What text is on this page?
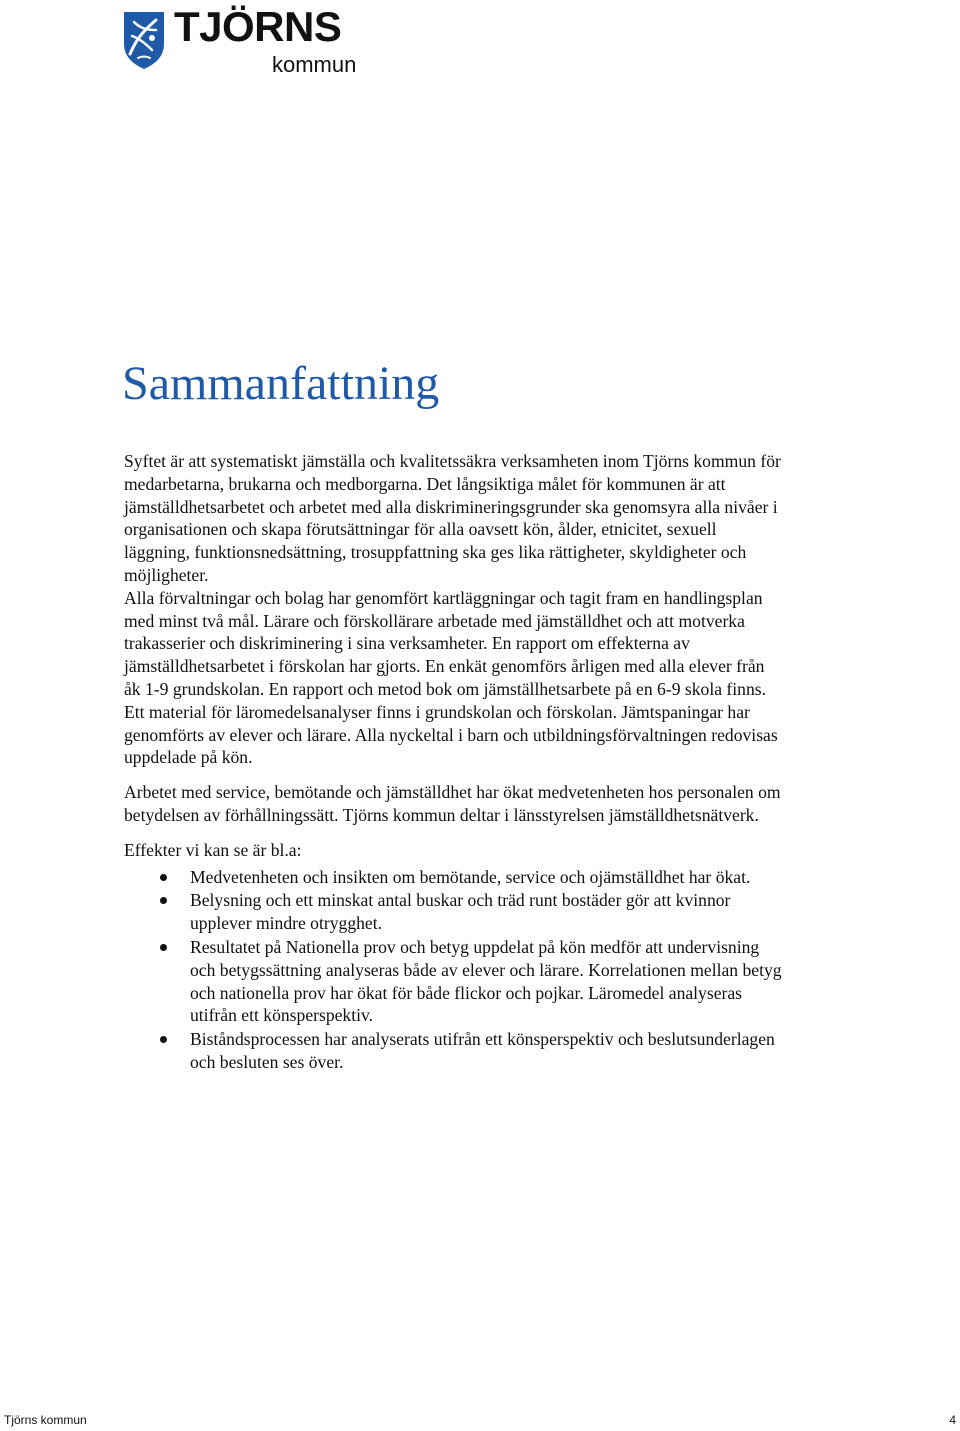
TJÖRNS
kommun
Sammanfattning

Syftet är att systematiskt jämställa och kvalitetssäkra verksamheten inom Tjörns kommun för medarbetarna, brukarna och medborgarna. Det långsiktiga målet för kommunen är att jämställdhetsarbetet och arbetet med alla diskrimineringsgrunder ska genomsyra alla nivåer i organisationen och skapa förutsättningar för alla oavsett kön, ålder, etnicitet, sexuell läggning, funktionsnedsättning, trosuppfattning ska ges lika rättigheter, skyldigheter och möjligheter.

Alla förvaltningar och bolag har genomfört kartläggningar och tagit fram en handlingsplan med minst två mål. Lärare och förskollärare arbetade med jämställdhet och att motverka trakasserier och diskriminering i sina verksamheter. En rapport om effekterna av jämställdhetsarbetet i förskolan har gjorts. En enkät genomförs årligen med alla elever från åk 1-9 grundskolan. En rapport och metod bok om jämställhetsarbete på en 6-9 skola finns. Ett material för läromedelsanalyser finns i grundskolan och förskolan. Jämtspaningar har genomförts av elever och lärare. Alla nyckeltal i barn och utbildningsförvaltningen redovisas uppdelade på kön.

Arbetet med service, bemötande och jämställdhet har ökat medvetenheten hos personalen om betydelsen av förhållningssätt. Tjörns kommun deltar i länsstyrelsen jämställdhetsnätverk.

Effekter vi kan se är bl.a:

Medvetenheten och insikten om bemötande, service och ojämställdhet har ökat.
Belysning och ett minskat antal buskar och träd runt bostäder gör att kvinnor upplever mindre otrygghet.
Resultatet på Nationella prov och betyg uppdelat på kön medför att undervisning och betygssättning analyseras både av elever och lärare. Korrelationen mellan betyg och nationella prov har ökat för både flickor och pojkar. Läromedel analyseras utifrån ett könsperspektiv.
Biståndsprocessen har analyserats utifrån ett könsperspektiv och beslutsunderlagen och besluten ses över.
Tjörns kommun	4
